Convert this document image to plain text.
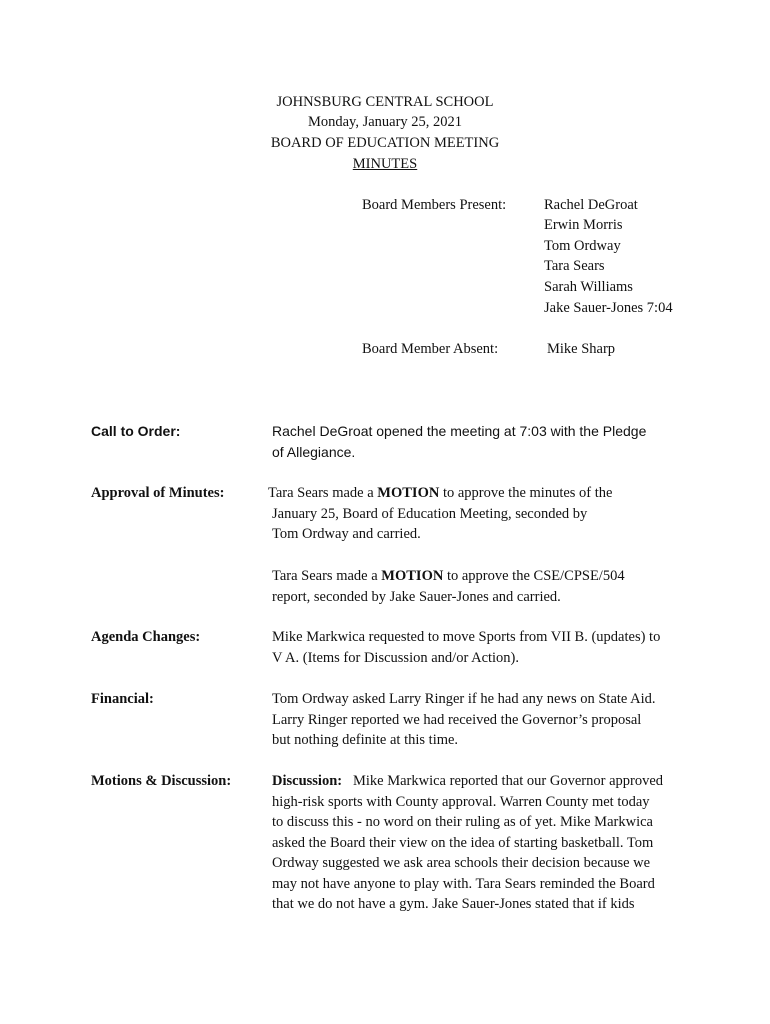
JOHNSBURG CENTRAL SCHOOL
Monday, January 25, 2021
BOARD OF EDUCATION MEETING
MINUTES
Board Members Present:	Rachel DeGroat
Erwin Morris
Tom Ordway
Tara Sears
Sarah Williams
Jake Sauer-Jones 7:04
Board Member Absent:	Mike Sharp
Call to Order:	Rachel DeGroat opened the meeting at 7:03 with the Pledge
of Allegiance.
Approval of Minutes:	Tara Sears made a MOTION to approve the minutes of the
January 25, Board of Education Meeting, seconded by
Tom Ordway and carried.
Tara Sears made a MOTION to approve the CSE/CPSE/504
report, seconded by Jake Sauer-Jones and carried.
Agenda Changes:	Mike Markwica requested to move Sports from VII B. (updates) to
V A. (Items for Discussion and/or Action).
Financial:	Tom Ordway asked Larry Ringer if he had any news on State Aid.
Larry Ringer reported we had received the Governor’s proposal
but nothing definite at this time.
Motions & Discussion:	Discussion:   Mike Markwica reported that our Governor approved
high-risk sports with County approval. Warren County met today
to discuss this - no word on their ruling as of yet. Mike Markwica
asked the Board their view on the idea of starting basketball. Tom
Ordway suggested we ask area schools their decision because we
may not have anyone to play with. Tara Sears reminded the Board
that we do not have a gym. Jake Sauer-Jones stated that if kids
